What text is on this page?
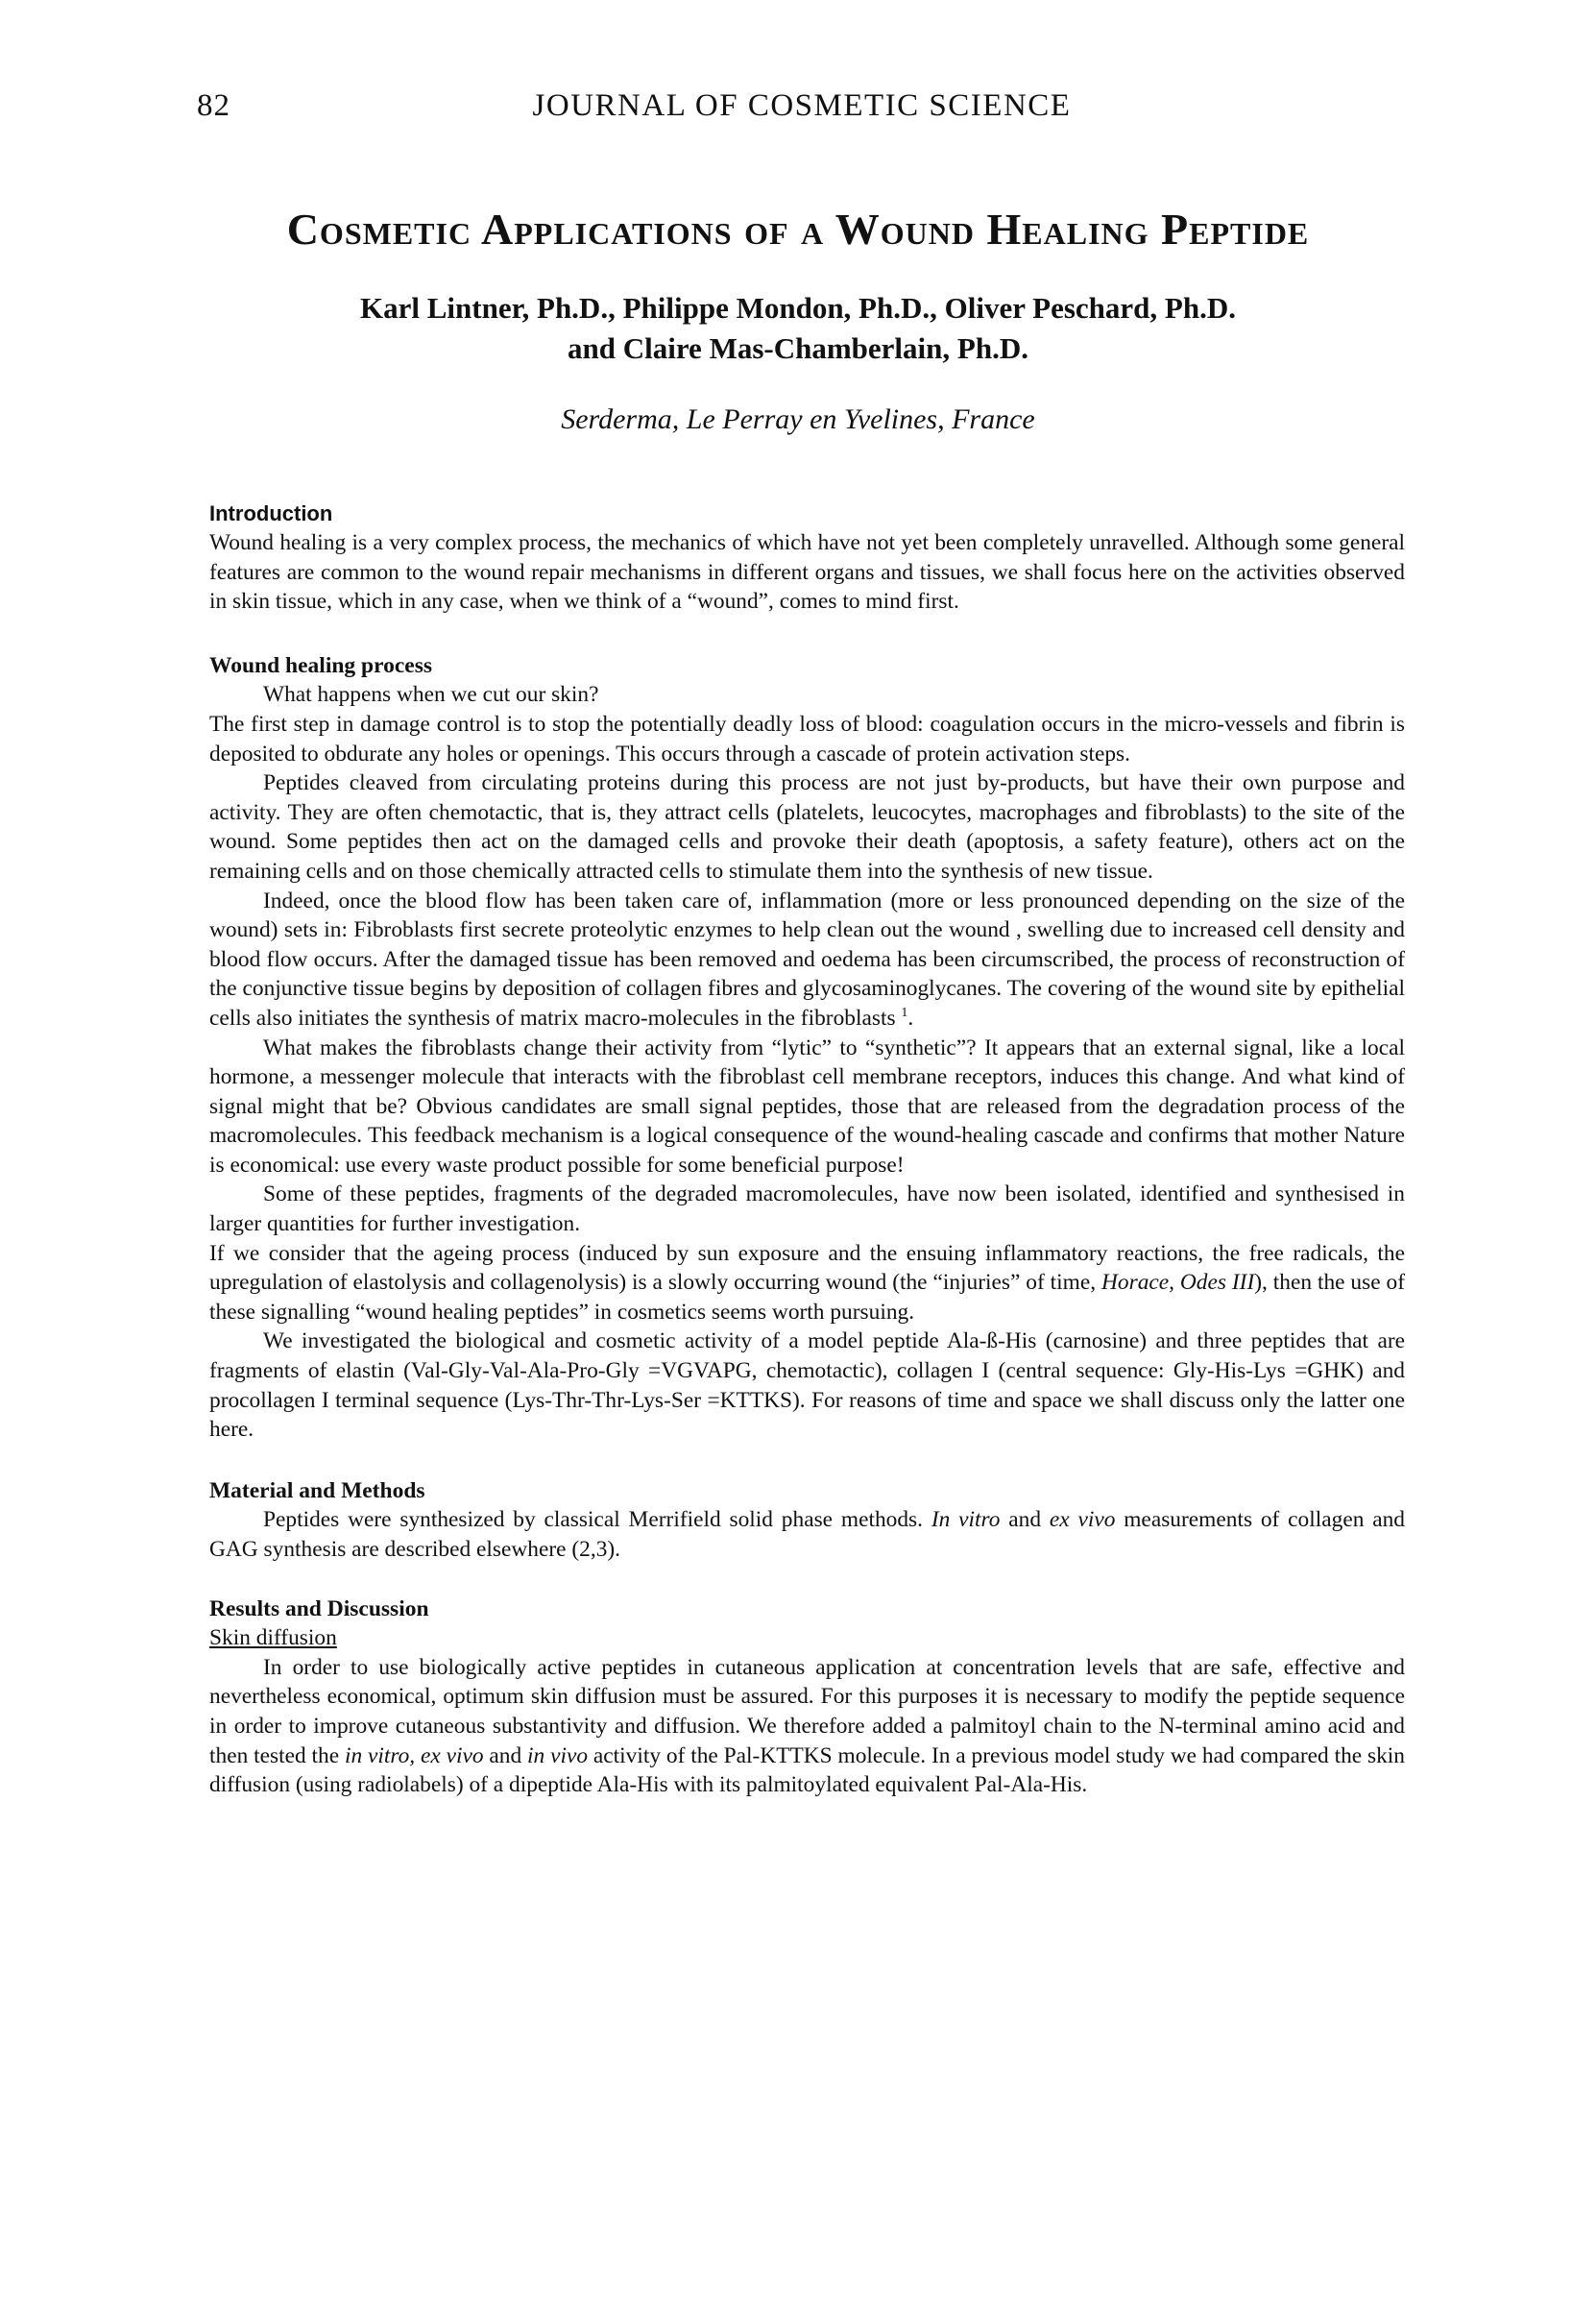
82	JOURNAL OF COSMETIC SCIENCE
Cosmetic Applications of a Wound Healing Peptide
Karl Lintner, Ph.D., Philippe Mondon, Ph.D., Oliver Peschard, Ph.D.
and Claire Mas-Chamberlain, Ph.D.
Serderma, Le Perray en Yvelines, France

Introduction

Wound healing is a very complex process, the mechanics of which have not yet been completely unravelled. Although some general features are common to the wound repair mechanisms in different organs and tissues, we shall focus here on the activities observed in skin tissue, which in any case, when we think of a “wound”, comes to mind first.

Wound healing process

What happens when we cut our skin?

The first step in damage control is to stop the potentially deadly loss of blood: coagulation occurs in the micro-vessels and fibrin is deposited to obdurate any holes or openings. This occurs through a cascade of protein activation steps.

Peptides cleaved from circulating proteins during this process are not just by-products, but have their own purpose and activity. They are often chemotactic, that is, they attract cells (platelets, leucocytes, macrophages and fibroblasts) to the site of the wound. Some peptides then act on the damaged cells and provoke their death (apoptosis, a safety feature), others act on the remaining cells and on those chemically attracted cells to stimulate them into the synthesis of new tissue.

Indeed, once the blood flow has been taken care of, inflammation (more or less pronounced depending on the size of the wound) sets in: Fibroblasts first secrete proteolytic enzymes to help clean out the wound , swelling due to increased cell density and blood flow occurs. After the damaged tissue has been removed and oedema has been circumscribed, the process of reconstruction of the conjunctive tissue begins by deposition of collagen fibres and glycosaminoglycanes. The covering of the wound site by epithelial cells also initiates the synthesis of matrix macro-molecules in the fibroblasts $^1$.

What makes the fibroblasts change their activity from “lytic” to “synthetic”? It appears that an external signal, like a local hormone, a messenger molecule that interacts with the fibroblast cell membrane receptors, induces this change. And what kind of signal might that be? Obvious candidates are small signal peptides, those that are released from the degradation process of the macromolecules. This feedback mechanism is a logical consequence of the wound-healing cascade and confirms that mother Nature is economical: use every waste product possible for some beneficial purpose!

Some of these peptides, fragments of the degraded macromolecules, have now been isolated, identified and synthesised in larger quantities for further investigation.

If we consider that the ageing process (induced by sun exposure and the ensuing inflammatory reactions, the free radicals, the upregulation of elastolysis and collagenolysis) is a slowly occurring wound (the “injuries” of time, Horace, Odes III), then the use of these signalling “wound healing peptides” in cosmetics seems worth pursuing.

We investigated the biological and cosmetic activity of a model peptide Ala-ß-His (carnosine) and three peptides that are fragments of elastin (Val-Gly-Val-Ala-Pro-Gly =VGVAPG, chemotactic), collagen I (central sequence: Gly-His-Lys =GHK) and procollagen I terminal sequence (Lys-Thr-Thr-Lys-Ser =KTTKS). For reasons of time and space we shall discuss only the latter one here.

Material and Methods

Peptides were synthesized by classical Merrifield solid phase methods. In vitro and ex vivo measurements of collagen and GAG synthesis are described elsewhere (2,3).

Results and Discussion

Skin diffusion

In order to use biologically active peptides in cutaneous application at concentration levels that are safe, effective and nevertheless economical, optimum skin diffusion must be assured. For this purposes it is necessary to modify the peptide sequence in order to improve cutaneous substantivity and diffusion. We therefore added a palmitoyl chain to the N-terminal amino acid and then tested the in vitro, ex vivo and in vivo activity of the Pal-KTTKS molecule. In a previous model study we had compared the skin diffusion (using radiolabels) of a dipeptide Ala-His with its palmitoylated equivalent Pal-Ala-His.
